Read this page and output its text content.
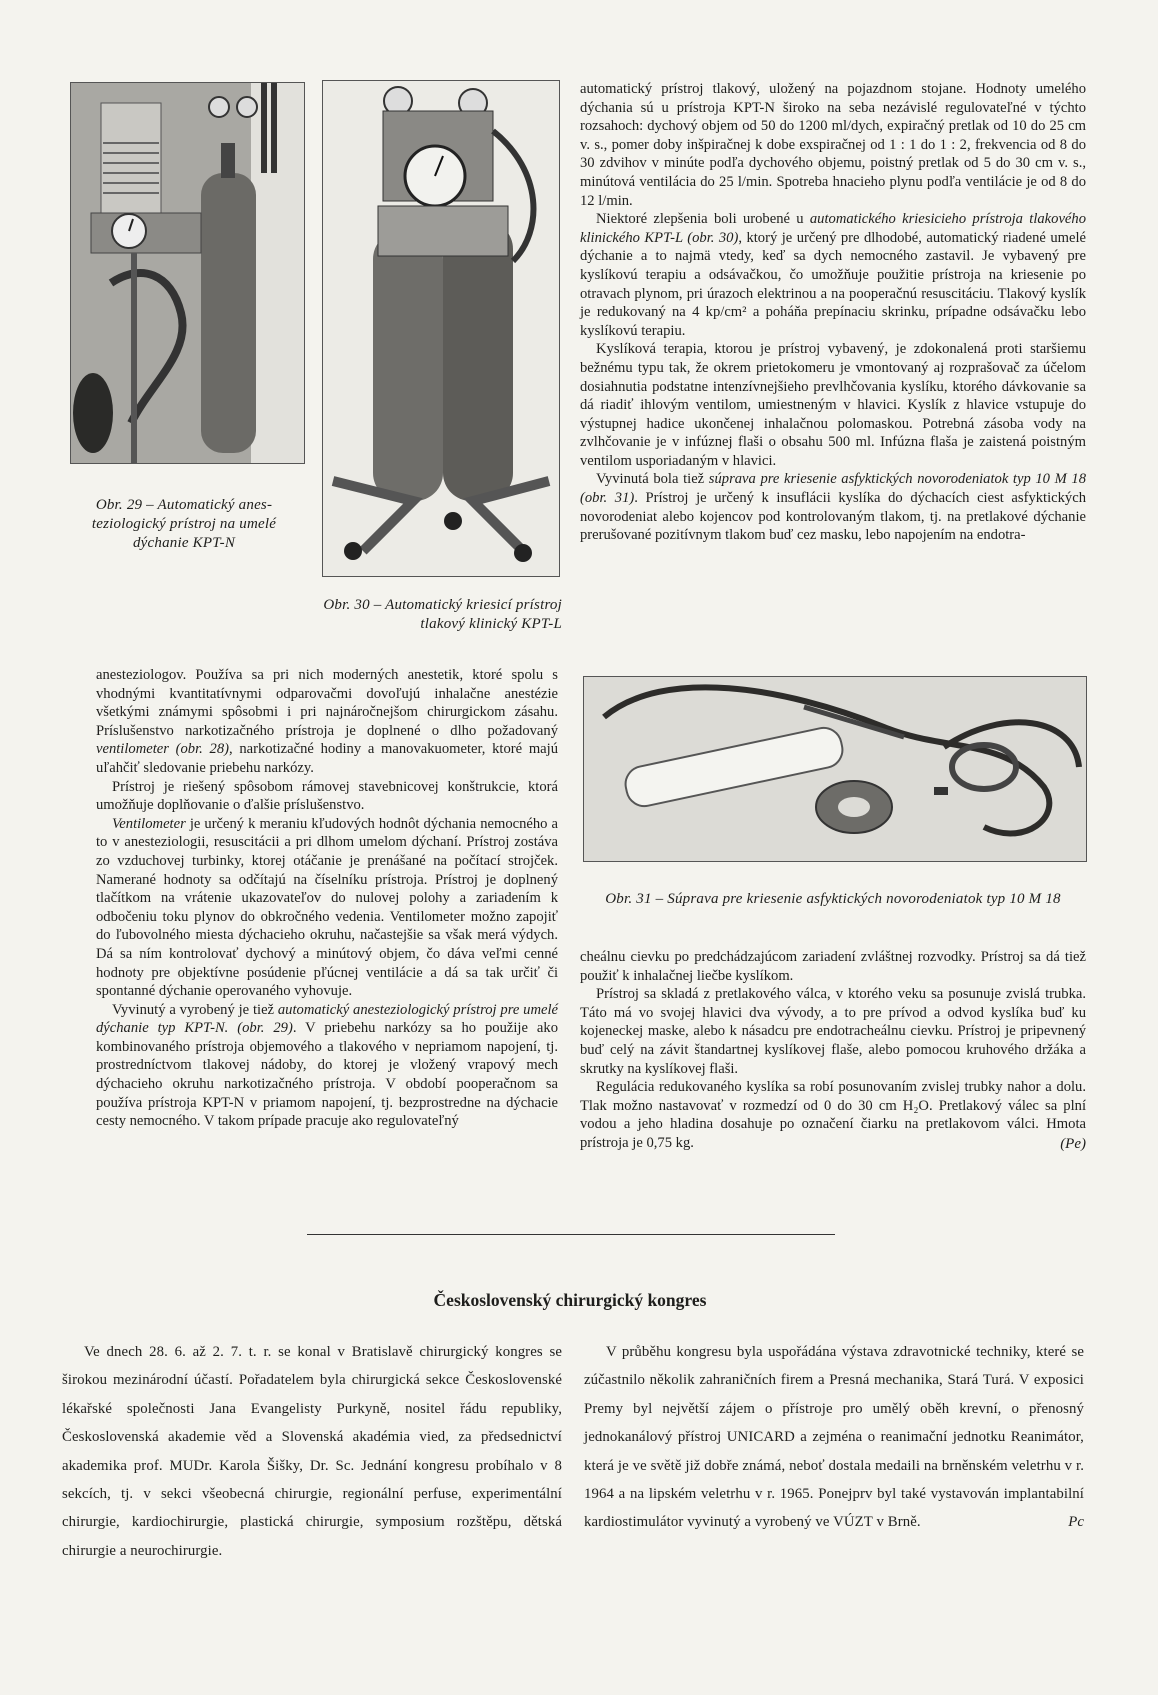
Obr. 29 – Automatický anes-teziologický prístroj na umelé dýchanie KPT-N
Obr. 30 – Automatický kriesicí prístroj tlakový klinický KPT-L

automatický prístroj tlakový, uložený na pojazdnom stojane. Hodnoty umelého dýchania sú u prístroja KPT-N široko na seba nezávislé regulovateľné v týchto rozsahoch: dychový objem od 50 do 1200 ml/dych, expiračný pretlak od 10 do 25 cm v. s., pomer doby inšpiračnej k dobe exspiračnej od 1 : 1 do 1 : 2, frekvencia od 8 do 30 zdvihov v minúte podľa dychového objemu, poistný pretlak od 5 do 30 cm v. s., minútová ventilácia do 25 l/min. Spotreba hnacieho plynu podľa ventilácie je od 8 do 12 l/min.

Niektoré zlepšenia boli urobené u automatického kriesicieho prístroja tlakového klinického KPT-L (obr. 30), ktorý je určený pre dlhodobé, automatický riadené umelé dýchanie a to najmä vtedy, keď sa dych nemocného zastavil. Je vybavený pre kyslíkovú terapiu a odsávačkou, čo umožňuje použitie prístroja na kriesenie po otravach plynom, pri úrazoch elektrinou a na pooperačnú resuscitáciu. Tlakový kyslík je redukovaný na 4 kp/cm² a poháňa prepínaciu skrinku, prípadne odsávačku lebo kyslíkovú terapiu.

Kyslíková terapia, ktorou je prístroj vybavený, je zdokonalená proti staršiemu bežnému typu tak, že okrem prietokomeru je vmontovaný aj rozprašovač za účelom dosiahnutia podstatne intenzívnejšieho prevlhčovania kyslíku, ktorého dávkovanie sa dá riadiť ihlovým ventilom, umiestneným v hlavici. Kyslík z hlavice vstupuje do výstupnej hadice ukončenej inhalačnou polomaskou. Potrebná zásoba vody na zvlhčovanie je v infúznej flaši o obsahu 500 ml. Infúzna flaša je zaistená poistným ventilom usporiadaným v hlavici.

Vyvinutá bola tiež súprava pre kriesenie asfyktických novorodeniatok typ 10 M 18 (obr. 31). Prístroj je určený k insuflácii kyslíka do dýchacích ciest asfyktických novorodeniat alebo kojencov pod kontrolovaným tlakom, tj. na pretlakové dýchanie prerušované pozitívnym tlakom buď cez masku, lebo napojením na endotra-

anesteziologov. Používa sa pri nich moderných anestetik, ktoré spolu s vhodnými kvantitatívnymi odparovačmi dovoľujú inhalačne anestézie všetkými známymi spôsobmi i pri najnáročnejšom chirurgickom zásahu. Príslušenstvo narkotizačného prístroja je doplnené o dlho požadovaný ventilometer (obr. 28), narkotizačné hodiny a manovakuometer, ktoré majú uľahčiť sledovanie priebehu narkózy.

Prístroj je riešený spôsobom rámovej stavebnicovej konštrukcie, ktorá umožňuje doplňovanie o ďalšie príslušenstvo.

Ventilometer je určený k meraniu kľudových hodnôt dýchania nemocného a to v anesteziologii, resuscitácii a pri dlhom umelom dýchaní. Prístroj zostáva zo vzduchovej turbinky, ktorej otáčanie je prenášané na počítací strojček. Namerané hodnoty sa odčítajú na číselníku prístroja. Prístroj je doplnený tlačítkom na vrátenie ukazovateľov do nulovej polohy a zariadením k odbočeniu toku plynov do obkročného vedenia. Ventilometer možno zapojiť do ľubovolného miesta dýchacieho okruhu, načastejšie sa však merá výdych. Dá sa ním kontrolovať dychový a minútový objem, čo dáva veľmi cenné hodnoty pre objektívne posúdenie pľúcnej ventilácie a dá sa tak určiť či spontanné dýchanie operovaného vyhovuje.

Vyvinutý a vyrobený je tiež automatický anesteziologický prístroj pre umelé dýchanie typ KPT-N. (obr. 29). V priebehu narkózy sa ho použije ako kombinovaného prístroja objemového a tlakového v nepriamom napojení, tj. prostredníctvom tlakovej nádoby, do ktorej je vložený vrapový mech dýchacieho okruhu narkotizačného prístroja. V období pooperačnom sa používa prístroja KPT-N v priamom napojení, tj. bezprostredne na dýchacie cesty nemocného. V takom prípade pracuje ako regulovateľný

Obr. 31 – Súprava pre kriesenie asfyktických novorodeniatok typ 10 M 18

cheálnu cievku po predchádzajúcom zariadení zvláštnej rozvodky. Prístroj sa dá tiež použiť k inhalačnej liečbe kyslíkom.

Prístroj sa skladá z pretlakového válca, v ktorého veku sa posunuje zvislá trubka. Táto má vo svojej hlavici dva vývody, a to pre prívod a odvod kyslíka buď ku kojeneckej maske, alebo k násadcu pre endotracheálnu cievku. Prístroj je pripevnený buď celý na závit štandartnej kyslíkovej flaše, alebo pomocou kruhového držáka a skrutky na kyslíkovej flaši.

Regulácia redukovaného kyslíka sa robí posunovaním zvislej trubky nahor a dolu. Tlak možno nastavovať v rozmedzí od 0 do 30 cm H₂O. Pretlakový válec sa plní vodou a jeho hladina dosahuje po označení čiarku na pretlakovom válci. Hmota prístroja je 0,75 kg.	(Pe)
Československý chirurgický kongres

Ve dnech 28. 6. až 2. 7. t. r. se konal v Bratislavě chirurgický kongres se širokou mezinárodní účastí. Pořadatelem byla chirurgická sekce Československé lékařské společnosti Jana Evangelisty Purkyně, nositel řádu republiky, Československá akademie věd a Slovenská akadémia vied, za předsednictví akademika prof. MUDr. Karola Šišky, Dr. Sc. Jednání kongresu probíhalo v 8 sekcích, tj. v sekci všeobecná chirurgie, regionální perfuse, experimentální chirurgie, kardiochirurgie, plastická chirurgie, symposium rozštěpu, dětská chirurgie a neurochirurgie.

V průběhu kongresu byla uspořádána výstava zdravotnické techniky, které se zúčastnilo několik zahraničních firem a Presná mechanika, Stará Turá. V exposici Premy byl největší zájem o přístroje pro umělý oběh krevní, o přenosný jednokanálový přístroj UNICARD a zejména o reanimační jednotku Reanimátor, která je ve světě již dobře známá, neboť dostala medaili na brněnském veletrhu v r. 1964 a na lipském veletrhu v r. 1965. Ponejprv byl také vystavován implantabilní kardiostimulátor vyvinutý a vyrobený ve VÚZT v Brně.	Pc
